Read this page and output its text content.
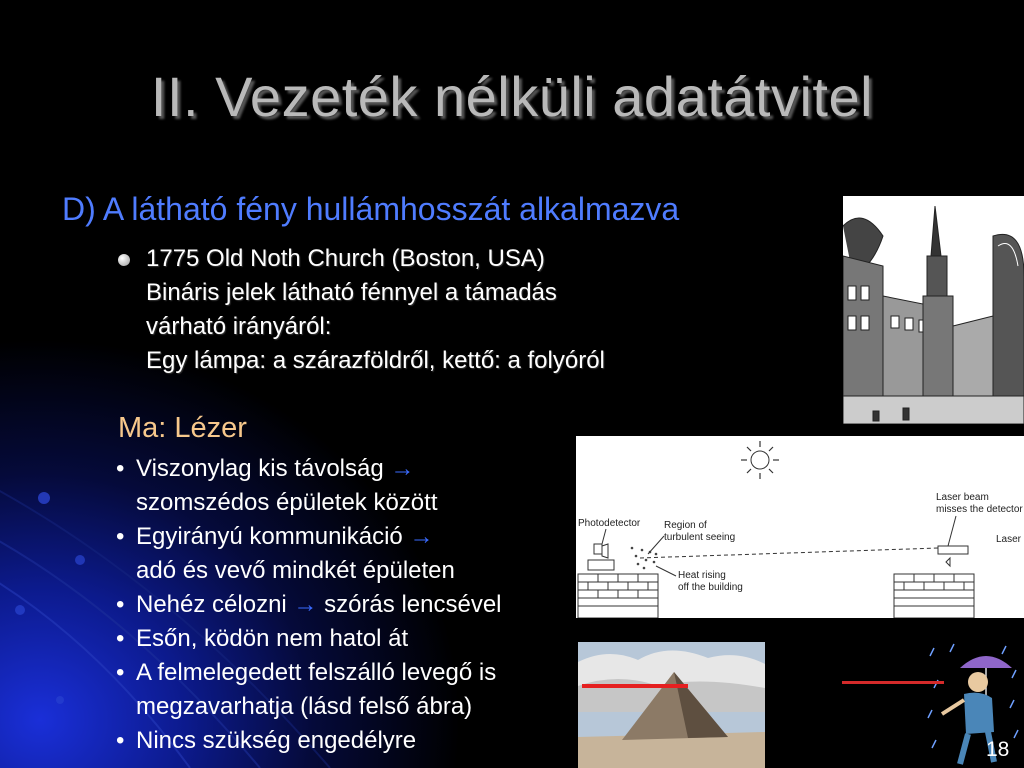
II. Vezeték nélküli adatátvitel
D) A látható fény hullámhosszát alkalmazva
1775 Old Noth Church (Boston, USA)
Bináris jelek látható fénnyel a támadás
várható irányáról:
Egy lámpa: a szárazföldről, kettő: a folyóról
Ma: Lézer
• Viszonylag kis távolság →
szomszédos épületek között
• Egyirányú kommunikáció →
adó és vevő mindkét épületen
• Nehéz célozni → szórás lencsével
• Esőn, ködön nem hatol át
• A felmelegedett felszálló levegő is
megzavarhatja (lásd felső ábra)
• Nincs szükség engedélyre
Photodetector Region of
turbulent seeing
Heat rising
off the building
Laser beam
misses the detector
Laser
18
